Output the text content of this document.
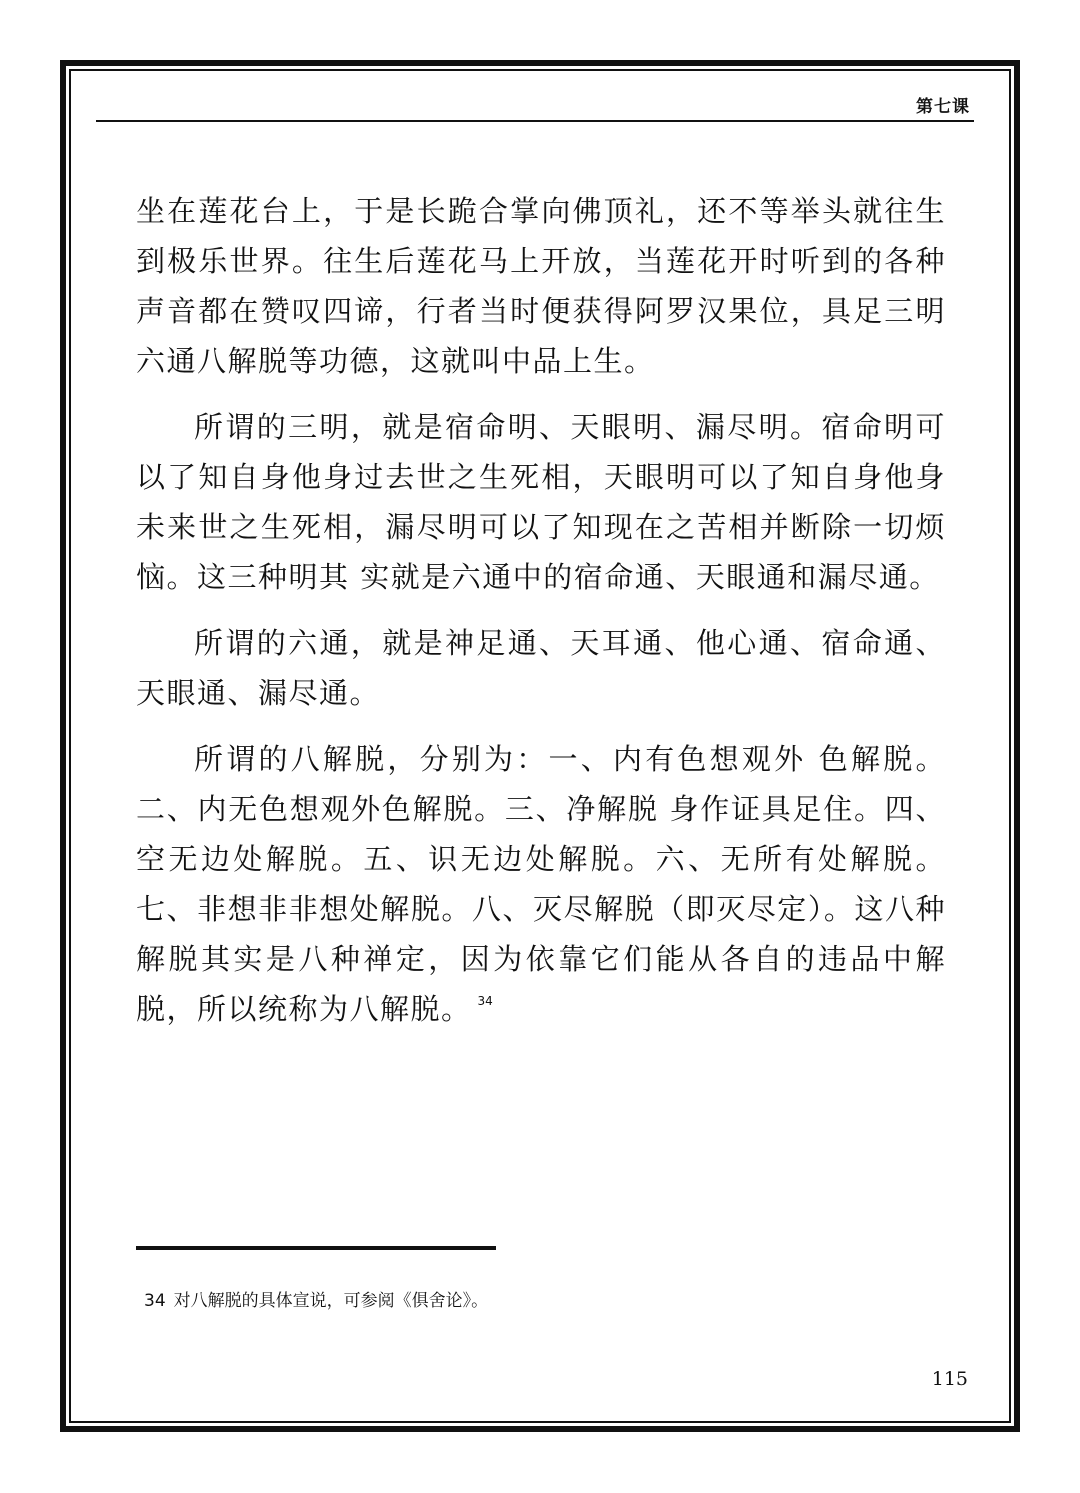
第七课

坐在莲花台上，于是长跪合掌向佛顶礼，还不等举头就往生到极乐世界。往生后莲花马上开放，当莲花开时听到的各种声音都在赞叹四谛，行者当时便获得阿罗汉果位，具足三明六通八解脱等功德，这就叫中品上生。

所谓的三明，就是宿命明、天眼明、漏尽明。宿命明可以了知自身他身过去世之生死相，天眼明可以了知自身他身未来世之生死相，漏尽明可以了知现在之苦相并断除一切烦恼。这三种明其 实就是六通中的宿命通、天眼通和漏尽通。

所谓的六通，就是神足通、天耳通、他心通、宿命通、天眼通、漏尽通。

所谓的八解脱，分别为：一、内有色想观外 色解脱。二、内无色想观外色解脱。三、净解脱 身作证具足住。四、空无边处解脱。五、识无边处解脱。六、无所有处解脱。七、非想非非想处解脱。八、灭尽解脱（即灭尽定）。这八种解脱其实是八种禅定，因为依靠它们能从各自的违品中解脱，所以统称为八解脱。 $^{34}$

34 对八解脱的具体宣说，可参阅《俱舍论》。
115
